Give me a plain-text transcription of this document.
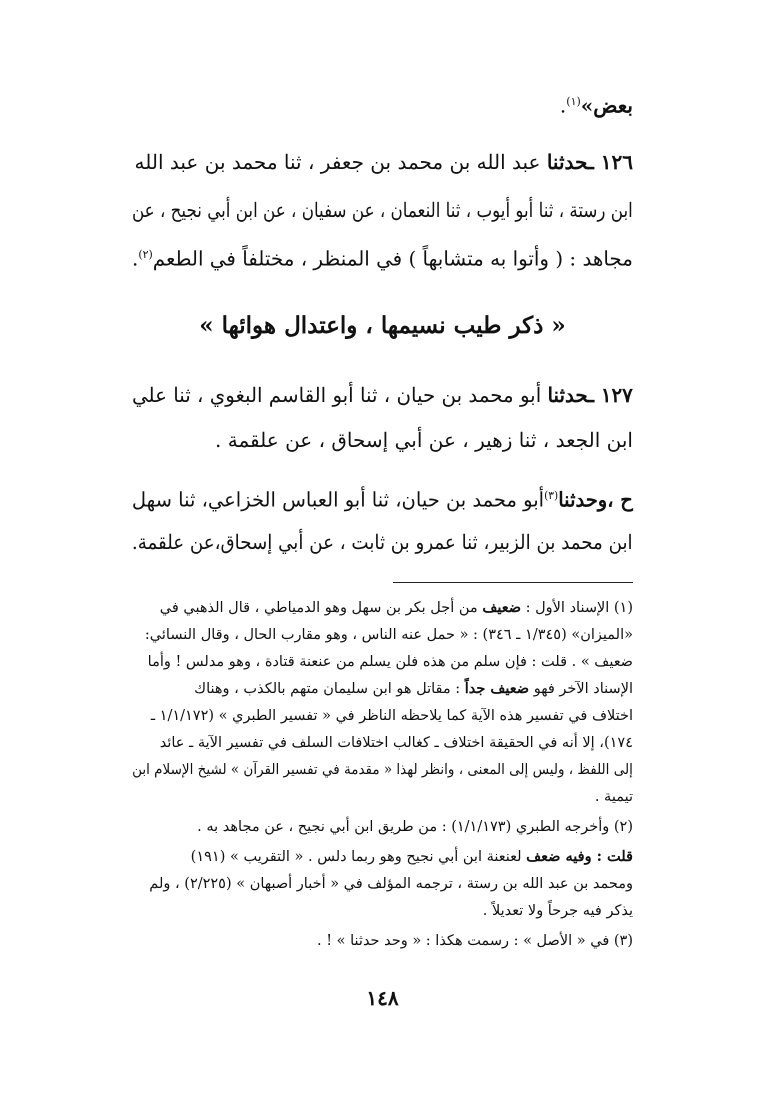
بعض»$^{(١)}$.
١٢٦ ـحدثنا عبد الله بن محمد بن جعفر ، ثنا محمد بن عبد الله
ابن رستة ، ثنا أبو أيوب ، ثنا النعمان ، عن سفيان ، عن ابن أبي نجيح ، عن
مجاهد : ( وأتوا به متشابهاً ) في المنظر ، مختلفاً في الطعم$^{(٢)}$.
« ذكر طيب نسيمها ، واعتدال هوائها »
١٢٧ ـحدثنا أبو محمد بن حيان ، ثنا أبو القاسم البغوي ، ثنا علي
ابن الجعد ، ثنا زهير ، عن أبي إسحاق ، عن علقمة .
ح ،وحدثنا$^{(٣)}$أبو محمد بن حيان، ثنا أبو العباس الخزاعي، ثنا سهل
ابن محمد بن الزبير، ثنا عمرو بن ثابت ، عن أبي إسحاق،عن علقمة.
(١) الإسناد الأول : ضعيف من أجل بكر بن سهل وهو الدمياطي ، قال الذهبي في
«الميزان» (١/٣٤٥ ـ ٣٤٦) : « حمل عنه الناس ، وهو مقارب الحال ، وقال النسائي:
ضعيف » . قلت : فإن سلم من هذه فلن يسلم من عنعنة قتادة ، وهو مدلس ! وأما
الإسناد الآخر فهو ضعيف جداً : مقاتل هو ابن سليمان متهم بالكذب ، وهناك
اختلاف في تفسير هذه الآية كما يلاحظه الناظر في « تفسير الطبري » (١/١/١٧٢ ـ
١٧٤)، إلا أنه في الحقيقة اختلاف ـ كغالب اختلافات السلف في تفسير الآية ـ عائد
إلى اللفظ ، وليس إلى المعنى ، وانظر لهذا « مقدمة في تفسير القرآن » لشيخ الإسلام ابن
تيمية .
(٢) وأخرجه الطبري (١/١/١٧٣) : من طريق ابن أبي نجيح ، عن مجاهد به .
قلت : وفيه ضعف لعنعنة ابن أبي نجيح وهو ربما دلس . « التقريب » (١٩١)
ومحمد بن عبد الله بن رستة ، ترجمه المؤلف في « أخبار أصبهان » (٢/٢٢٥) ، ولم
يذكر فيه جرحاً ولا تعديلاً .
(٣) في « الأصل » : رسمت هكذا : « وحد حدثنا » ! .
١٤٨
